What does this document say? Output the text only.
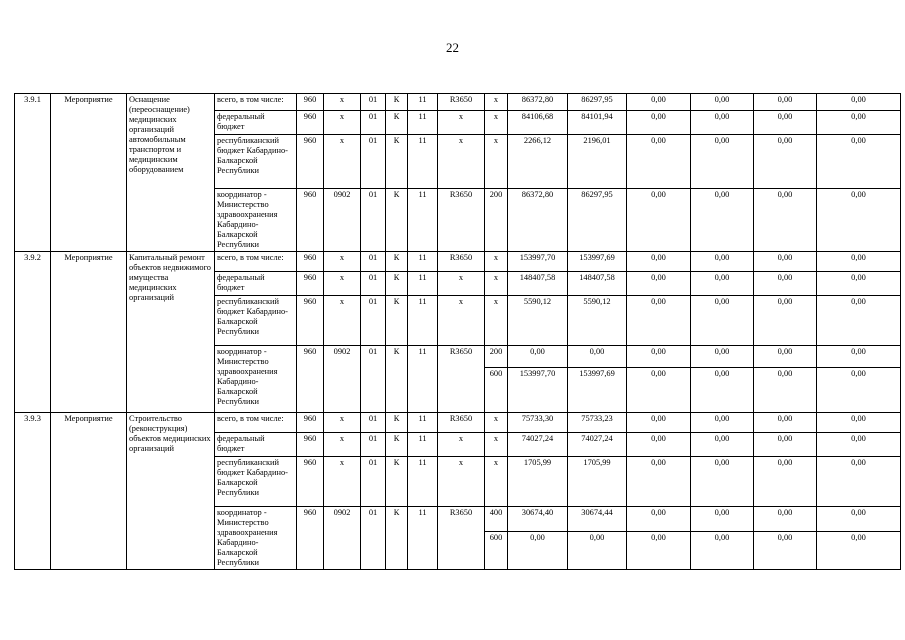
22
3.9.1	Мероприятие	Оснащение (переоснащение) медицинских организаций автомобильным транспортом и медицинским оборудованием	всего, в том числе:	960	x	01	К	11	R3650	x	86372,80	86297,95	0,00	0,00	0,00	0,00
			федеральный бюджет	960	x	01	К	11	x	x	84106,68	84101,94	0,00	0,00	0,00	0,00
			республиканский бюджет Кабардино-Балкарской Республики	960	x	01	К	11	x	x	2266,12	2196,01	0,00	0,00	0,00	0,00
			координатор - Министерство здравоохранения Кабардино-Балкарской Республики	960	0902	01	К	11	R3650	200	86372,80	86297,95	0,00	0,00	0,00	0,00
3.9.2	Мероприятие	Капитальный ремонт объектов недвижимого имущества медицинских организаций	всего, в том числе:	960	x	01	К	11	R3650	x	153997,70	153997,69	0,00	0,00	0,00	0,00
			федеральный бюджет	960	x	01	К	11	x	x	148407,58	148407,58	0,00	0,00	0,00	0,00
			республиканский бюджет Кабардино-Балкарской Республики	960	x	01	К	11	x	x	5590,12	5590,12	0,00	0,00	0,00	0,00
			координатор - Министерство здравоохранения Кабардино-Балкарской Республики	960	0902	01	К	11	R3650	200	0,00	0,00	0,00	0,00	0,00	0,00
										600	153997,70	153997,69	0,00	0,00	0,00	0,00
3.9.3	Мероприятие	Строительство (реконструкция) объектов медицинских организаций	всего, в том числе:	960	x	01	К	11	R3650	x	75733,30	75733,23	0,00	0,00	0,00	0,00
			федеральный бюджет	960	x	01	К	11	x	x	74027,24	74027,24	0,00	0,00	0,00	0,00
			республиканский бюджет Кабардино-Балкарской Республики	960	x	01	К	11	x	x	1705,99	1705,99	0,00	0,00	0,00	0,00
			координатор - Министерство здравоохранения Кабардино-Балкарской Республики	960	0902	01	К	11	R3650	400	30674,40	30674,44	0,00	0,00	0,00	0,00
										600	0,00	0,00	0,00	0,00	0,00	0,00
